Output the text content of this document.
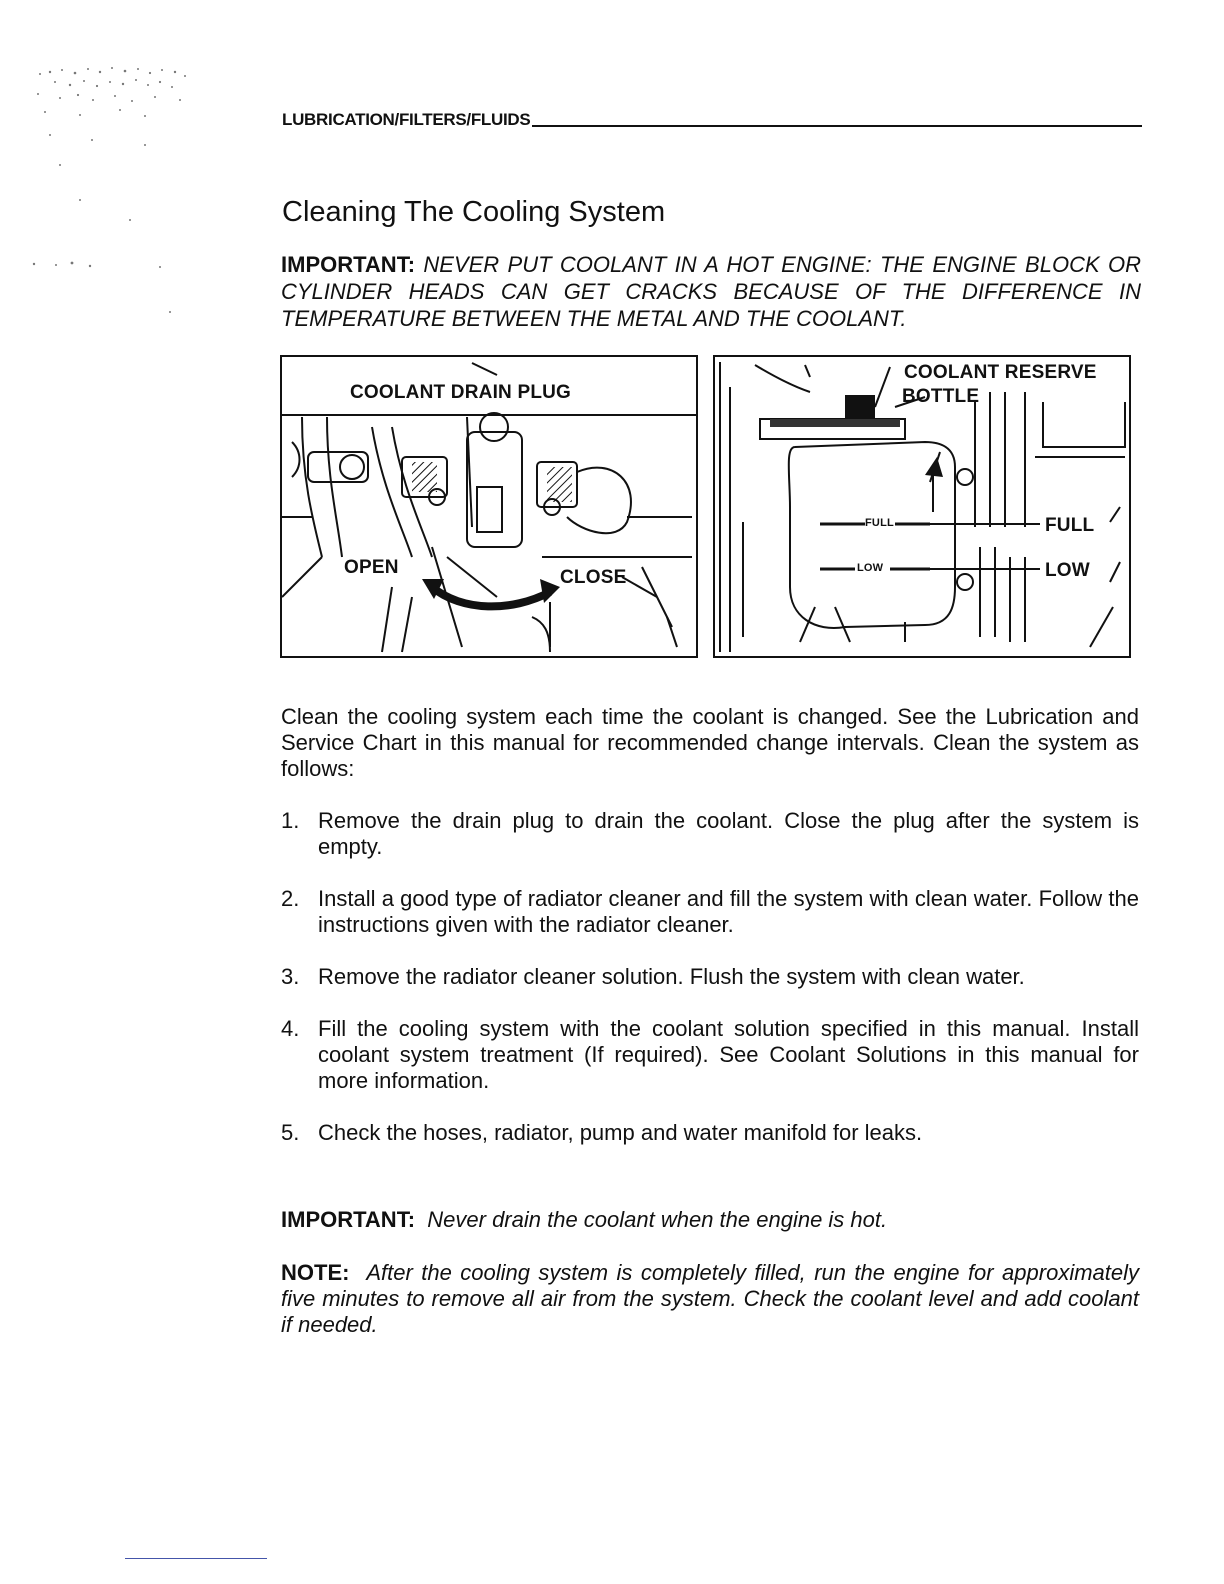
LUBRICATION/FILTERS/FLUIDS
Cleaning The Cooling System

IMPORTANT: NEVER PUT COOLANT IN A HOT ENGINE: THE ENGINE BLOCK OR CYLINDER HEADS CAN GET CRACKS BECAUSE OF THE DIFFERENCE IN TEMPERATURE BETWEEN THE METAL AND THE COOLANT.

COOLANT DRAIN PLUG
OPEN	CLOSE
COOLANT RESERVE
BOTTLE
FULL
LOW
FULL
LOW

Clean the cooling system each time the coolant is changed. See the Lubrication and Service Chart in this manual for recommended change intervals. Clean the system as follows:

1. Remove the drain plug to drain the coolant. Close the plug after the system is empty.
2. Install a good type of radiator cleaner and fill the system with clean water. Follow the instructions given with the radiator cleaner.
3. Remove the radiator cleaner solution. Flush the system with clean water.
4. Fill the cooling system with the coolant solution specified in this manual. Install coolant system treatment (If required). See Coolant Solutions in this manual for more information.
5. Check the hoses, radiator, pump and water manifold for leaks.

IMPORTANT: Never drain the coolant when the engine is hot.

NOTE: After the cooling system is completely filled, run the engine for approximately five minutes to remove all air from the system. Check the coolant level and add coolant if needed.
